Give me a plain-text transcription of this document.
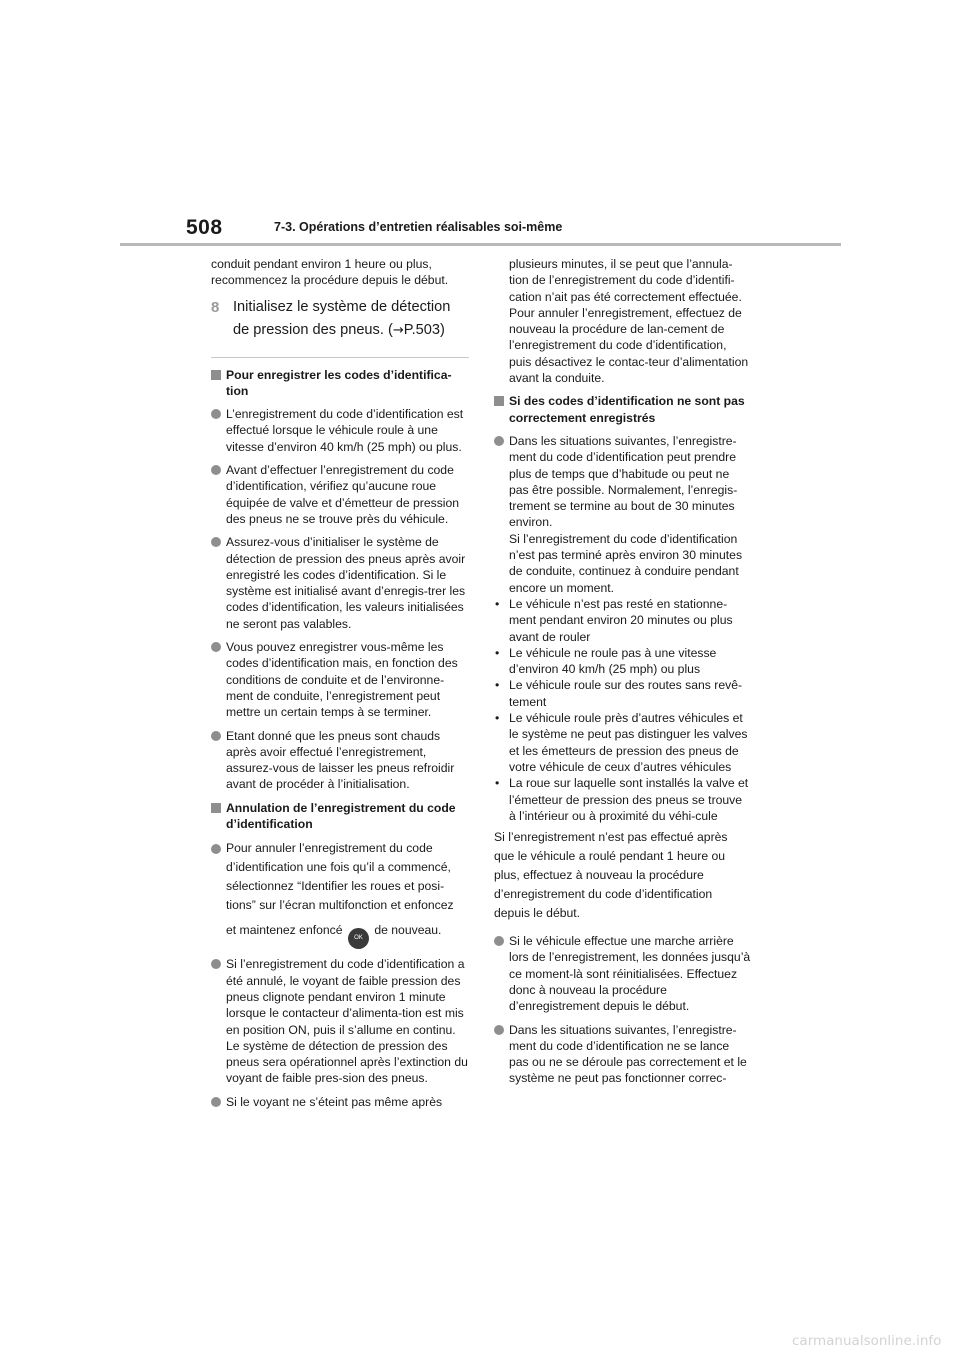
508	7-3. Opérations d’entretien réalisables soi-même

conduit pendant environ 1 heure ou plus, recommencez la procédure depuis le début.

8 Initialisez le système de détection
de pression des pneus. (→P.503)
Pour enregistrer les codes d’identifica-tion
L’enregistrement du code d’identification est effectué lorsque le véhicule roule à une vitesse d’environ 40 km/h (25 mph) ou plus.
Avant d’effectuer l’enregistrement du code d’identification, vérifiez qu’aucune roue équipée de valve et d’émetteur de pression des pneus ne se trouve près du véhicule.
Assurez-vous d’initialiser le système de détection de pression des pneus après avoir enregistré les codes d’identification. Si le système est initialisé avant d’enregis-trer les codes d’identification, les valeurs initialisées ne seront pas valables.
Vous pouvez enregistrer vous-même les codes d’identification mais, en fonction des conditions de conduite et de l’environne-ment de conduite, l’enregistrement peut mettre un certain temps à se terminer.
Etant donné que les pneus sont chauds après avoir effectué l’enregistrement, assurez-vous de laisser les pneus refroidir avant de procéder à l’initialisation.
Annulation de l’enregistrement du code d’identification
Pour annuler l’enregistrement du code d’identification une fois qu’il a commencé, sélectionnez “Identifier les roues et posi-tions” sur l’écran multifonction et enfoncez
et maintenez enfoncé OK de nouveau.
Si l’enregistrement du code d’identification a été annulé, le voyant de faible pression des pneus clignote pendant environ 1 minute lorsque le contacteur d’alimenta-tion est mis en position ON, puis il s’allume en continu. Le système de détection de pression des pneus sera opérationnel après l’extinction du voyant de faible pres-sion des pneus.
Si le voyant ne s’éteint pas même après
plusieurs minutes, il se peut que l’annula-tion de l’enregistrement du code d’identifi-cation n’ait pas été correctement effectuée. Pour annuler l’enregistrement, effectuez de nouveau la procédure de lan-cement de l’enregistrement du code d’identification, puis désactivez le contac-teur d’alimentation avant la conduite.
Si des codes d’identification ne sont pas correctement enregistrés
Dans les situations suivantes, l’enregistre-ment du code d’identification peut prendre plus de temps que d’habitude ou peut ne pas être possible. Normalement, l’enregis-trement se termine au bout de 30 minutes environ.
Si l’enregistrement du code d’identification n’est pas terminé après environ 30 minutes de conduite, continuez à conduire pendant encore un moment.
• Le véhicule n’est pas resté en stationne-ment pendant environ 20 minutes ou plus avant de rouler
• Le véhicule ne roule pas à une vitesse d’environ 40 km/h (25 mph) ou plus
• Le véhicule roule sur des routes sans revê-tement
• Le véhicule roule près d’autres véhicules et le système ne peut pas distinguer les valves et les émetteurs de pression des pneus de votre véhicule de ceux d’autres véhicules
• La roue sur laquelle sont installés la valve et l’émetteur de pression des pneus se trouve à l’intérieur ou à proximité du véhi-cule
Si l’enregistrement n’est pas effectué après
que le véhicule a roulé pendant 1 heure ou
plus, effectuez à nouveau la procédure
d’enregistrement du code d’identification
depuis le début.
Si le véhicule effectue une marche arrière lors de l’enregistrement, les données jusqu’à ce moment-là sont réinitialisées. Effectuez donc à nouveau la procédure d’enregistrement depuis le début.
Dans les situations suivantes, l’enregistre-ment du code d’identification ne se lance pas ou ne se déroule pas correctement et le système ne peut pas fonctionner correc-
carmanualsonline.info
